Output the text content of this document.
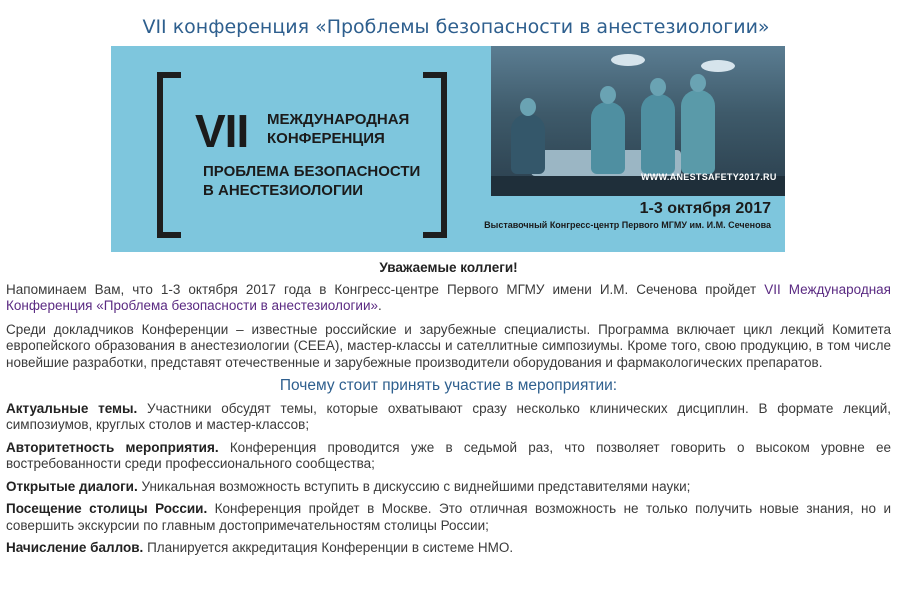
VII конференция «Проблемы безопасности в анестезиологии»
VII МЕЖДУНАРОДНАЯ
КОНФЕРЕНЦИЯ
ПРОБЛЕМА БЕЗОПАСНОСТИ
В АНЕСТЕЗИОЛОГИИ
WWW.ANESTSAFETY2017.RU
1-3 октября 2017
Выставочный Конгресс-центр Первого МГМУ им. И.М. Сеченова
Уважаемые коллеги!

Напоминаем Вам, что 1-3 октября 2017 года в Конгресс-центре Первого МГМУ имени И.М. Сеченова пройдет VII Международная Конференция «Проблема безопасности в анестезиологии».

Среди докладчиков Конференции – известные российские и зарубежные специалисты. Программа включает цикл лекций Комитета европейского образования в анестезиологии (CEEA), мастер-классы и сателлитные симпозиумы. Кроме того, свою продукцию, в том числе новейшие разработки, представят отечественные и зарубежные производители оборудования и фармакологических препаратов.

Почему стоит принять участие в мероприятии:

Актуальные темы. Участники обсудят темы, которые охватывают сразу несколько клинических дисциплин. В формате лекций, симпозиумов, круглых столов и мастер-классов;

Авторитетность мероприятия. Конференция проводится уже в седьмой раз, что позволяет говорить о высоком уровне ее востребованности среди профессионального сообщества;

Открытые диалоги. Уникальная возможность вступить в дискуссию с виднейшими представителями науки;

Посещение столицы России. Конференция пройдет в Москве. Это отличная возможность не только получить новые знания, но и совершить экскурсии по главным достопримечательностям столицы России;

Начисление баллов. Планируется аккредитация Конференции в системе НМО.
